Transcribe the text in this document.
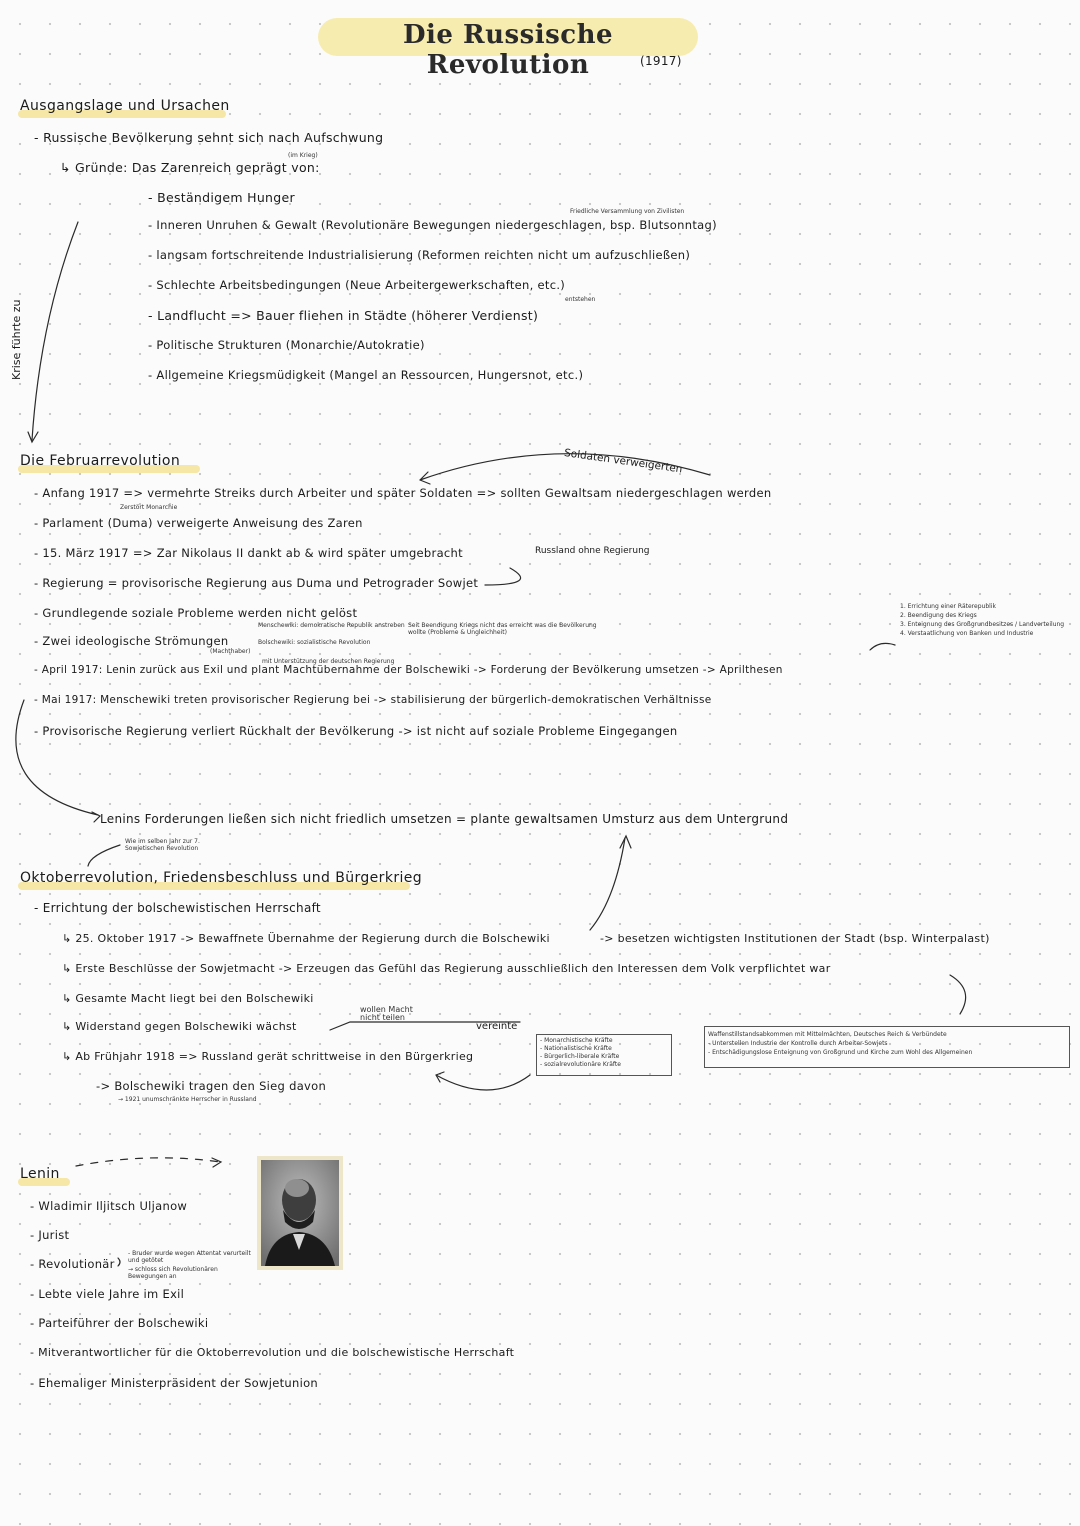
Die Russische Revolution	(1917)
Ausgangslage und Ursachen
- Russische Bevölkerung sehnt sich nach Aufschwung
(im Krieg)
↳ Gründe: Das Zarenreich geprägt von:
- Beständigem Hunger
Friedliche Versammlung von Zivilisten
- Inneren Unruhen & Gewalt (Revolutionäre Bewegungen niedergeschlagen, bsp. Blutsonntag)
- langsam fortschreitende Industrialisierung (Reformen reichten nicht um aufzuschließen)
- Schlechte Arbeitsbedingungen (Neue Arbeitergewerkschaften, etc.)
entstehen
- Landflucht => Bauer fliehen in Städte (höherer Verdienst)
- Politische Strukturen (Monarchie/Autokratie)
- Allgemeine Kriegsmüdigkeit (Mangel an Ressourcen, Hungersnot, etc.)
Krise führte zu
Die Februarrevolution	Soldaten verweigerten
- Anfang 1917 => vermehrte Streiks durch Arbeiter und später Soldaten => sollten Gewaltsam niedergeschlagen werden
Zerstört Monarchie
- Parlament (Duma) verweigerte Anweisung des Zaren
- 15. März 1917 => Zar Nikolaus II dankt ab & wird später umgebracht	Russland ohne Regierung
- Regierung = provisorische Regierung aus Duma und Petrograder Sowjet
- Grundlegende soziale Probleme werden nicht gelöst
- Zwei ideologische Strömungen
Menschewiki: demokratische Republik anstreben
Bolschewiki: sozialistische Revolution
(Machthaber)
Seit Beendigung Kriegs nicht das erreicht was die Bevölkerung wollte (Probleme & Ungleichheit)
mit Unterstützung der deutschen Regierung
- April 1917: Lenin zurück aus Exil und plant Machtübernahme der Bolschewiki -> Forderung der Bevölkerung umsetzen -> Aprilthesen
- Mai 1917: Menschewiki treten provisorischer Regierung bei -> stabilisierung der bürgerlich-demokratischen Verhältnisse
- Provisorische Regierung verliert Rückhalt der Bevölkerung -> ist nicht auf soziale Probleme Eingegangen
1. Errichtung einer Räterepublik
2. Beendigung des Kriegs
3. Enteignung des Großgrundbesitzes / Landverteilung
4. Verstaatlichung von Banken und Industrie
Lenins Forderungen ließen sich nicht friedlich umsetzen = plante gewaltsamen Umsturz aus dem Untergrund
Wie im selben Jahr zur 7. Sowjetischen Revolution
Oktoberrevolution, Friedensbeschluss und Bürgerkrieg
- Errichtung der bolschewistischen Herrschaft
↳ 25. Oktober 1917 -> Bewaffnete Übernahme der Regierung durch die Bolschewiki	-> besetzen wichtigsten Institutionen der Stadt (bsp. Winterpalast)
↳ Erste Beschlüsse der Sowjetmacht -> Erzeugen das Gefühl das Regierung ausschließlich den Interessen dem Volk verpflichtet war
↳ Gesamte Macht liegt bei den Bolschewiki
wollen Macht nicht teilen
↳ Widerstand gegen Bolschewiki wächst	vereinte
↳ Ab Frühjahr 1918 => Russland gerät schrittweise in den Bürgerkrieg
- Monarchistische Kräfte
- Nationalistische Kräfte
- Bürgerlich-liberale Kräfte
- sozialrevolutionäre Kräfte
Waffenstillstandsabkommen mit Mittelmächten, Deutsches Reich & Verbündete
- Unterstellen Industrie der Kontrolle durch Arbeiter-Sowjets
- Entschädigungslose Enteignung von Großgrund und Kirche zum Wohl des Allgemeinen
-> Bolschewiki tragen den Sieg davon
→ 1921 unumschränkte Herrscher in Russland
Lenin
- Wladimir Iljitsch Uljanow
- Jurist
- Revolutionär
- Bruder wurde wegen Attentat verurteilt und getötet
→ schloss sich Revolutionären Bewegungen an
- Lebte viele Jahre im Exil
- Parteiführer der Bolschewiki
- Mitverantwortlicher für die Oktoberrevolution und die bolschewistische Herrschaft
- Ehemaliger Ministerpräsident der Sowjetunion
